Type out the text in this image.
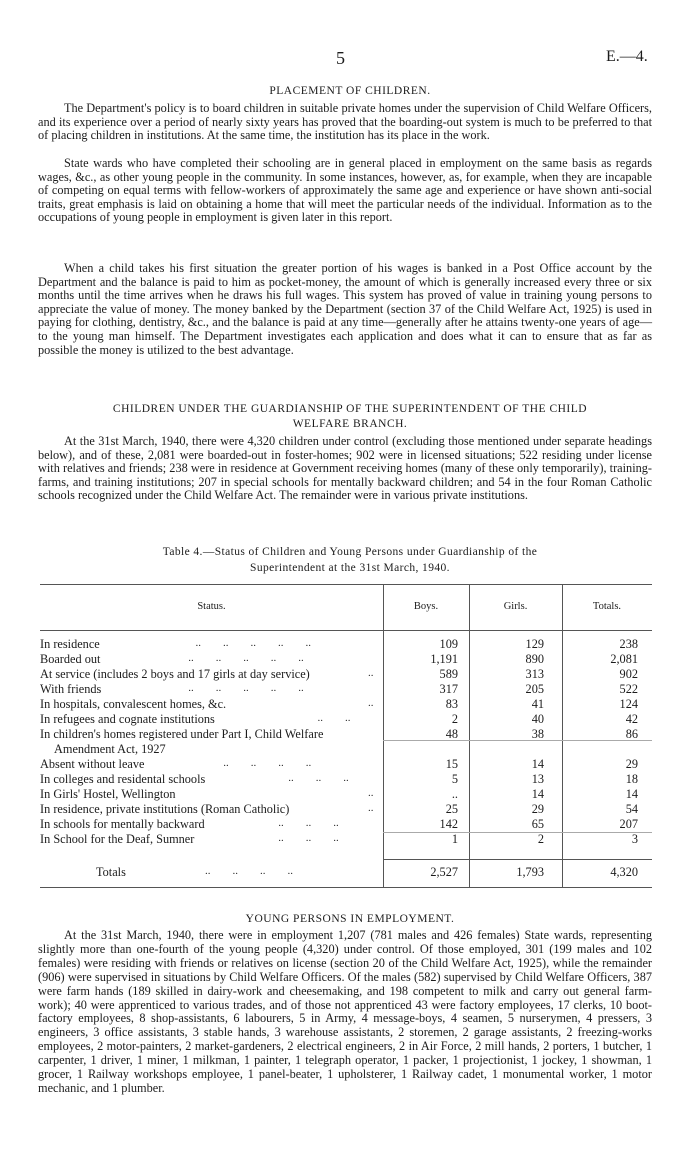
5	E.—4.
PLACEMENT OF CHILDREN.

The Department's policy is to board children in suitable private homes under the supervision of Child Welfare Officers, and its experience over a period of nearly sixty years has proved that the boarding-out system is much to be preferred to that of placing children in institutions. At the same time, the institution has its place in the work.

State wards who have completed their schooling are in general placed in employment on the same basis as regards wages, &c., as other young people in the community. In some instances, however, as, for example, when they are incapable of competing on equal terms with fellow-workers of approximately the same age and experience or have shown anti-social traits, great emphasis is laid on obtaining a home that will meet the particular needs of the individual. Information as to the occupations of young people in employment is given later in this report.

When a child takes his first situation the greater portion of his wages is banked in a Post Office account by the Department and the balance is paid to him as pocket-money, the amount of which is generally increased every three or six months until the time arrives when he draws his full wages. This system has proved of value in training young persons to appreciate the value of money. The money banked by the Department (section 37 of the Child Welfare Act, 1925) is used in paying for clothing, dentistry, &c., and the balance is paid at any time—generally after he attains twenty-one years of age—to the young man himself. The Department investigates each application and does what it can to ensure that as far as possible the money is utilized to the best advantage.

CHILDREN UNDER THE GUARDIANSHIP OF THE SUPERINTENDENT OF THE CHILD
WELFARE BRANCH.

At the 31st March, 1940, there were 4,320 children under control (excluding those mentioned under separate headings below), and of these, 2,081 were boarded-out in foster-homes; 902 were in licensed situations; 522 residing under license with relatives and friends; 238 were in residence at Government receiving homes (many of these only temporarily), training-farms, and training institutions; 207 in special schools for mentally backward children; and 54 in the four Roman Catholic schools recognized under the Child Welfare Act. The remainder were in various private institutions.

Table 4.—Status of Children and Young Persons under Guardianship of the
Superintendent at the 31st March, 1940.
Status.	Boys.	Girls.	Totals.
In residence	..        ..        ..        ..        ..	109	129	238
Boarded out	..        ..        ..        ..        ..	1,191	890	2,081
At service (includes 2 boys and 17 girls at day service)	..	589	313	902
With friends	..        ..        ..        ..        ..	317	205	522
In hospitals, convalescent homes, &c.	..	83	41	124
In refugees and cognate institutions	..        ..	2	40	42
In children's homes registered under Part I, Child Welfare
Amendment Act, 1927
48	38	86
Absent without leave	..        ..        ..        ..	15	14	29
In colleges and residental schools	..        ..        ..	5	13	18
In Girls' Hostel, Wellington	..	..	14	14
In residence, private institutions (Roman Catholic)	..	25	29	54
In schools for mentally backward	..        ..        ..	142	65	207
In School for the Deaf, Sumner	..        ..        ..	1	2	3
Totals	..        ..        ..        ..	2,527	1,793	4,320
YOUNG PERSONS IN EMPLOYMENT.

At the 31st March, 1940, there were in employment 1,207 (781 males and 426 females) State wards, representing slightly more than one-fourth of the young people (4,320) under control. Of those employed, 301 (199 males and 102 females) were residing with friends or relatives on license (section 20 of the Child Welfare Act, 1925), while the remainder (906) were supervised in situations by Child Welfare Officers. Of the males (582) supervised by Child Welfare Officers, 387 were farm hands (189 skilled in dairy-work and cheesemaking, and 198 competent to milk and carry out general farm-work); 40 were apprenticed to various trades, and of those not apprenticed 43 were factory employees, 17 clerks, 10 boot-factory employees, 8 shop-assistants, 6 labourers, 5 in Army, 4 message-boys, 4 seamen, 5 nurserymen, 4 pressers, 3 engineers, 3 office assistants, 3 stable hands, 3 warehouse assistants, 2 storemen, 2 garage assistants, 2 freezing-works employees, 2 motor-painters, 2 market-gardeners, 2 electrical engineers, 2 in Air Force, 2 mill hands, 2 porters, 1 butcher, 1 carpenter, 1 driver, 1 miner, 1 milkman, 1 painter, 1 telegraph operator, 1 packer, 1 projectionist, 1 jockey, 1 showman, 1 grocer, 1 Railway workshops employee, 1 panel-beater, 1 upholsterer, 1 Railway cadet, 1 monumental worker, 1 motor mechanic, and 1 plumber.
